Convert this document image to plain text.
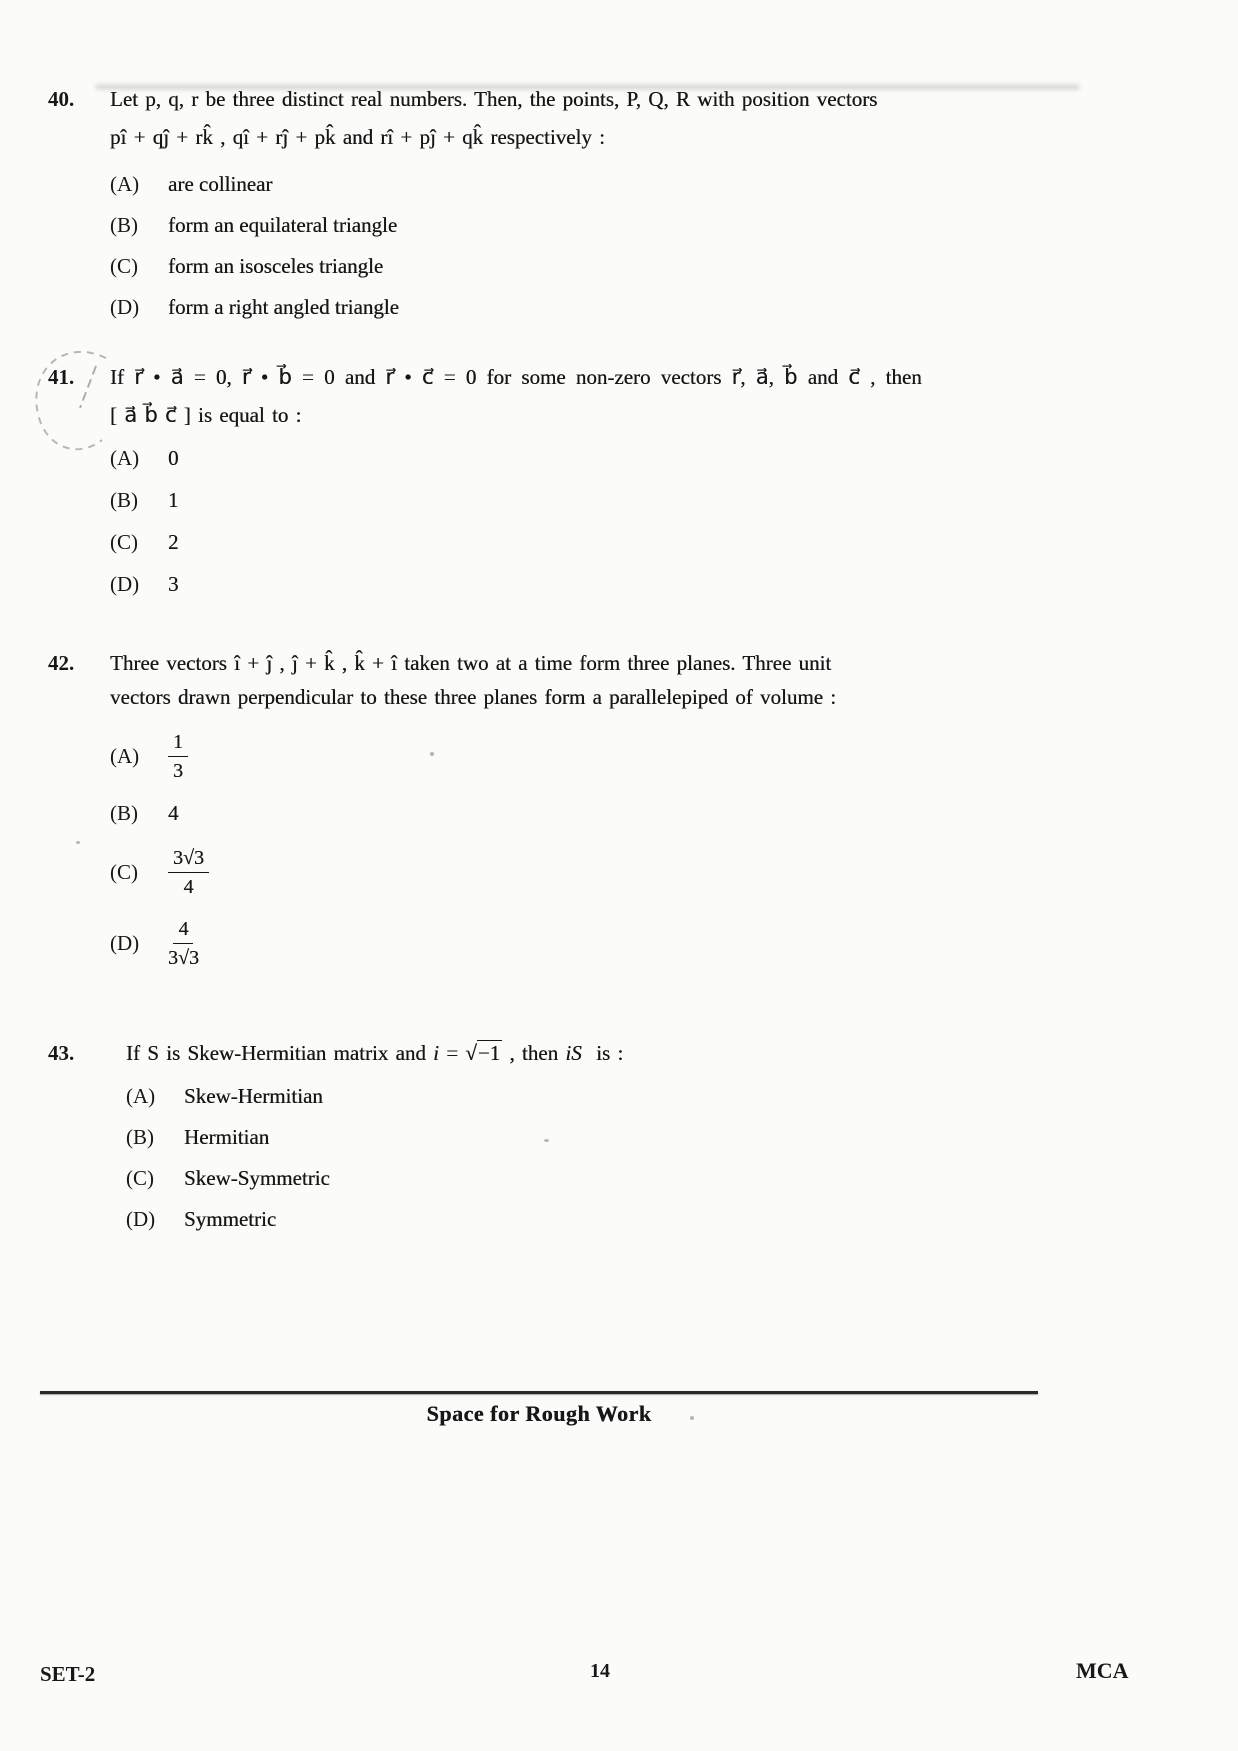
40.	Let p, q, r be three distinct real numbers. Then, the points, P, Q, R with position vectors
pî + qĵ + rk̂ , qî + rĵ + pk̂ and rî + pĵ + qk̂ respectively :
(A)	are collinear
(B)	form an equilateral triangle
(C)	form an isosceles triangle
(D)	form a right angled triangle
41.	If r⃗ • a⃗ = 0, r⃗ • b⃗ = 0 and r⃗ • c⃗ = 0 for some non-zero vectors r⃗, a⃗, b⃗ and c⃗ , then
[ a⃗ b⃗ c⃗ ] is equal to :
(A)	0
(B)	1
(C)	2
(D)	3
42.	Three vectors î + ĵ , ĵ + k̂ , k̂ + î taken two at a time form three planes. Three unit
vectors drawn perpendicular to these three planes form a parallelepiped of volume :
(A)	$\frac{1}{3}$
(B)	4
(C)	$\frac{3√3}{4}$
(D)	$\frac{4}{3√3}$
43.	If S is Skew-Hermitian matrix and i = √−1 , then iS  is :
(A)	Skew-Hermitian
(B)	Hermitian
(C)	Skew-Symmetric
(D)	Symmetric
Space for Rough Work
SET-2	14	MCA
